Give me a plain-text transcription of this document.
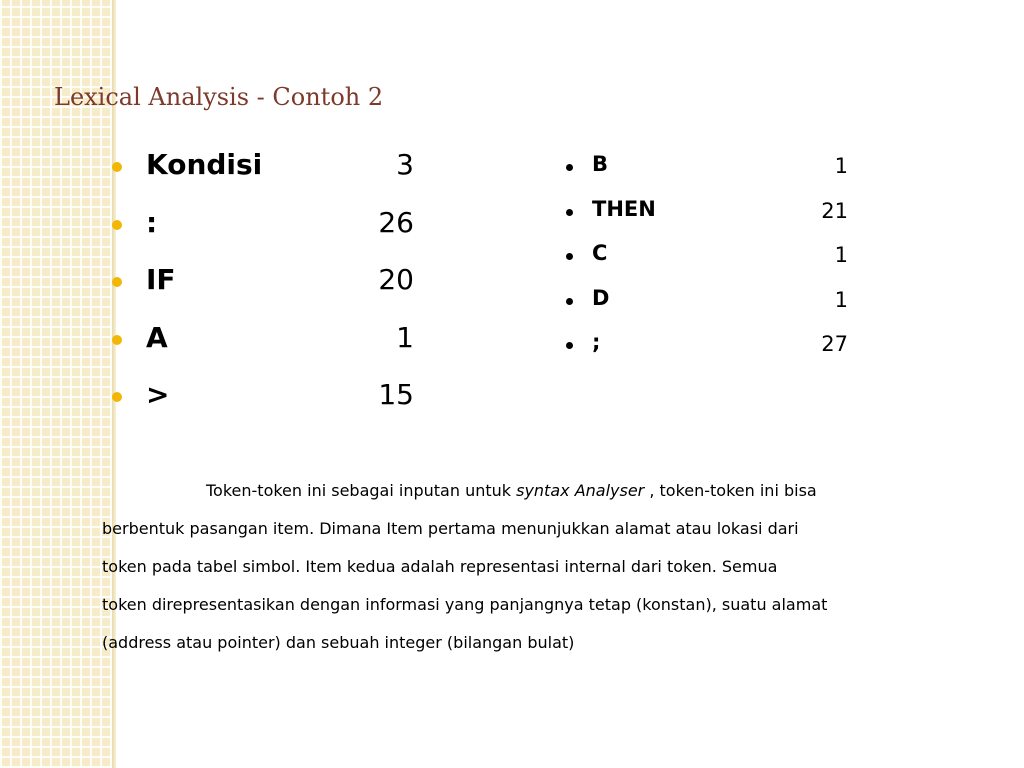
Lexical Analysis - Contoh 2
Kondisi	3
:	26
IF	20
A	1
>	15
B	1
THEN	21
C	1
D	1
;	27
Token-token ini sebagai inputan untuk syntax Analyser , token-token ini bisa
berbentuk pasangan item. Dimana Item pertama menunjukkan alamat atau lokasi dari
token pada tabel simbol. Item kedua adalah representasi internal dari token. Semua
token direpresentasikan dengan informasi yang panjangnya tetap (konstan), suatu alamat
(address atau pointer) dan sebuah integer (bilangan bulat)
